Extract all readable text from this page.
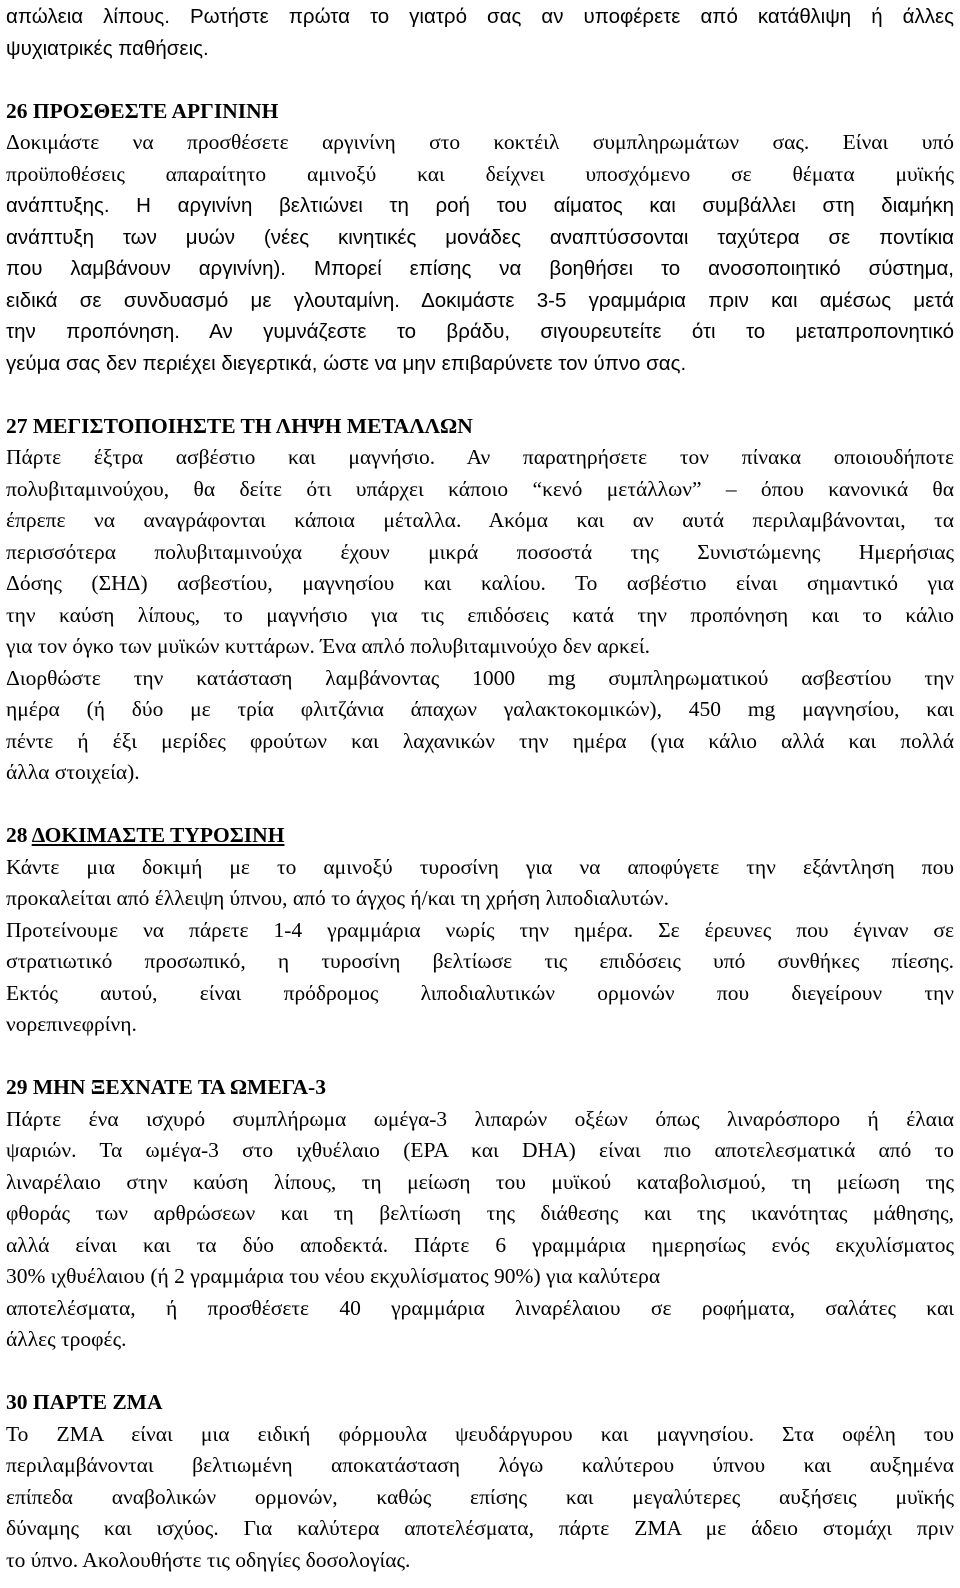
απώλεια λίπους. Ρωτήστε πρώτα το γιατρό σας αν υποφέρετε από κατάθλιψη ή άλλες
ψυχιατρικές παθήσεις.
26 ΠΡΟΣΘΕΣΤΕ ΑΡΓΙΝΙΝΗ
Δοκιμάστε να προσθέσετε αργινίνη στο κοκτέιλ συμπληρωμάτων σας. Είναι υπό
προϋποθέσεις απαραίτητο αμινοξύ και δείχνει υποσχόμενο σε θέματα μυϊκής
ανάπτυξης. Η αργινίνη βελτιώνει τη ροή του αίματος και συμβάλλει στη διαμήκη
ανάπτυξη των μυών (νέες κινητικές μονάδες αναπτύσσονται ταχύτερα σε ποντίκια
που λαμβάνουν αργινίνη). Μπορεί επίσης να βοηθήσει το ανοσοποιητικό σύστημα,
ειδικά σε συνδυασμό με γλουταμίνη. Δοκιμάστε 3-5 γραμμάρια πριν και αμέσως μετά
την προπόνηση. Αν γυμνάζεστε το βράδυ, σιγουρευτείτε ότι το μεταπροπονητικό
γεύμα σας δεν περιέχει διεγερτικά, ώστε να μην επιβαρύνετε τον ύπνο σας.
27 ΜΕΓΙΣΤΟΠΟΙΗΣΤΕ ΤΗ ΛΗΨΗ ΜΕΤΑΛΛΩΝ
Πάρτε έξτρα ασβέστιο και μαγνήσιο. Αν παρατηρήσετε τον πίνακα οποιουδήποτε
πολυβιταμινούχου, θα δείτε ότι υπάρχει κάποιο “κενό μετάλλων” – όπου κανονικά θα
έπρεπε να αναγράφονται κάποια μέταλλα. Ακόμα και αν αυτά περιλαμβάνονται, τα
περισσότερα πολυβιταμινούχα έχουν μικρά ποσοστά της Συνιστώμενης Ημερήσιας
Δόσης (ΣΗΔ) ασβεστίου, μαγνησίου και καλίου. Το ασβέστιο είναι σημαντικό για
την καύση λίπους, το μαγνήσιο για τις επιδόσεις κατά την προπόνηση και το κάλιο
για τον όγκο των μυϊκών κυττάρων. Ένα απλό πολυβιταμινούχο δεν αρκεί.
Διορθώστε την κατάσταση λαμβάνοντας 1000 mg συμπληρωματικού ασβεστίου την
ημέρα (ή δύο με τρία φλιτζάνια άπαχων γαλακτοκομικών), 450 mg μαγνησίου, και
πέντε ή έξι μερίδες φρούτων και λαχανικών την ημέρα (για κάλιο αλλά και πολλά
άλλα στοιχεία).
28 ΔΟΚΙΜΑΣΤΕ ΤΥΡΟΣΙΝΗ
Κάντε μια δοκιμή με το αμινοξύ τυροσίνη για να αποφύγετε την εξάντληση που
προκαλείται από έλλειψη ύπνου, από το άγχος ή/και τη χρήση λιποδιαλυτών.
Προτείνουμε να πάρετε 1-4 γραμμάρια νωρίς την ημέρα. Σε έρευνες που έγιναν σε
στρατιωτικό προσωπικό, η τυροσίνη βελτίωσε τις επιδόσεις υπό συνθήκες πίεσης.
Εκτός αυτού, είναι πρόδρομος λιποδιαλυτικών ορμονών που διεγείρουν την
νορεπινεφρίνη.
29 ΜΗΝ ΞΕΧΝΑΤΕ ΤΑ ΩΜΕΓΑ-3
Πάρτε ένα ισχυρό συμπλήρωμα ωμέγα-3 λιπαρών οξέων όπως λιναρόσπορο ή έλαια
ψαριών. Τα ωμέγα-3 στο ιχθυέλαιο (EPA και DHA) είναι πιο αποτελεσματικά από το
λιναρέλαιο στην καύση λίπους, τη μείωση του μυϊκού καταβολισμού, τη μείωση της
φθοράς των αρθρώσεων και τη βελτίωση της διάθεσης και της ικανότητας μάθησης,
αλλά είναι και τα δύο αποδεκτά. Πάρτε 6 γραμμάρια ημερησίως ενός εκχυλίσματος
30% ιχθυέλαιου (ή 2 γραμμάρια του νέου εκχυλίσματος 90%) για καλύτερα
αποτελέσματα, ή προσθέσετε 40 γραμμάρια λιναρέλαιου σε ροφήματα, σαλάτες και
άλλες τροφές.
30 ΠΑΡΤΕ ΖΜΑ
Το ΖΜΑ είναι μια ειδική φόρμουλα ψευδάργυρου και μαγνησίου. Στα οφέλη του
περιλαμβάνονται βελτιωμένη αποκατάσταση λόγω καλύτερου ύπνου και αυξημένα
επίπεδα αναβολικών ορμονών, καθώς επίσης και μεγαλύτερες αυξήσεις μυϊκής
δύναμης και ισχύος. Για καλύτερα αποτελέσματα, πάρτε ΖΜΑ με άδειο στομάχι πριν
το ύπνο. Ακολουθήστε τις οδηγίες δοσολογίας.
